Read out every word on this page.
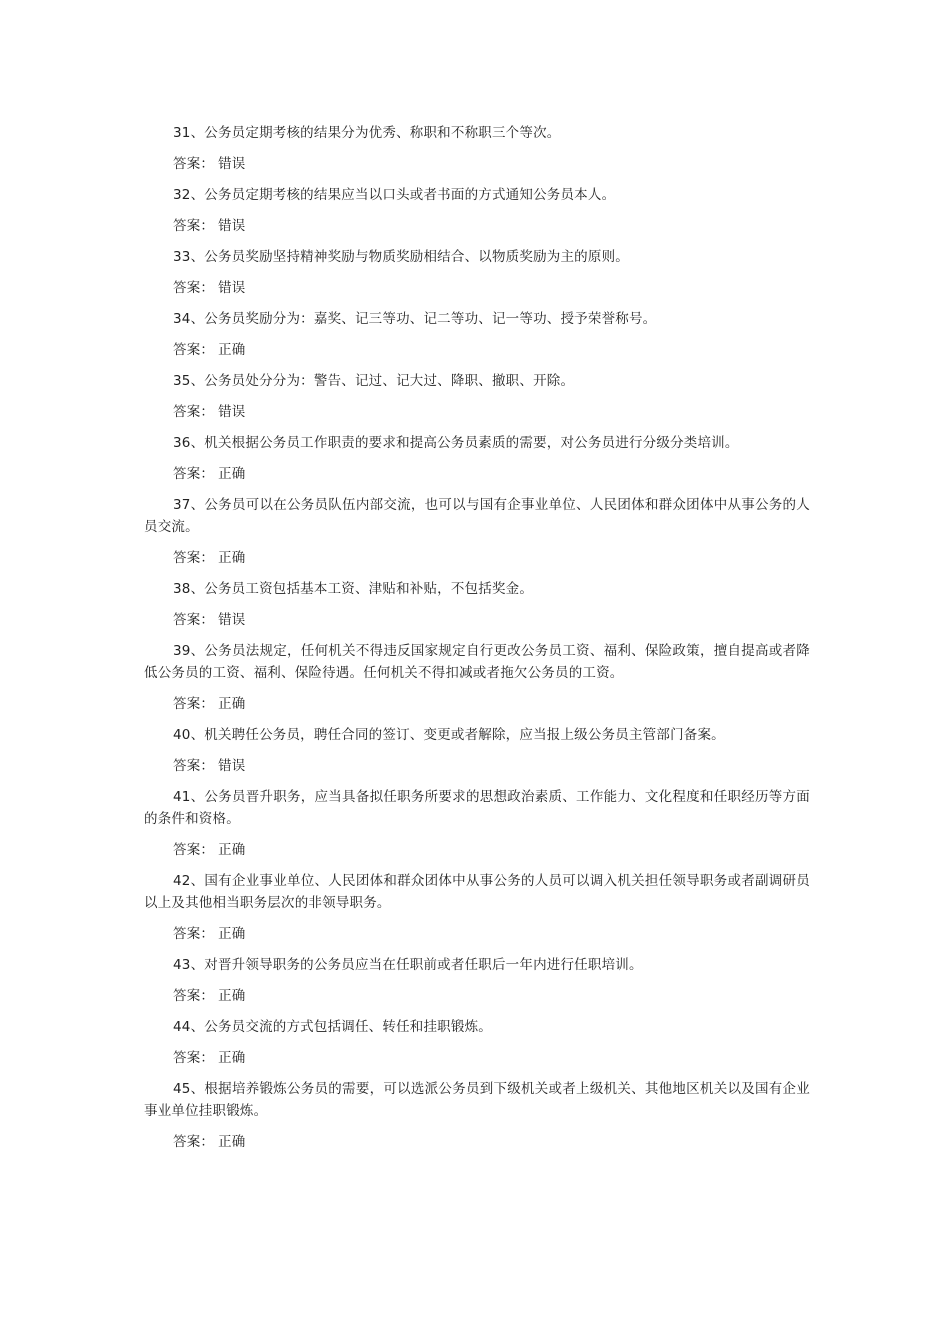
31、公务员定期考核的结果分为优秀、称职和不称职三个等次。

答案： 错误

32、公务员定期考核的结果应当以口头或者书面的方式通知公务员本人。

答案： 错误

33、公务员奖励坚持精神奖励与物质奖励相结合、以物质奖励为主的原则。

答案： 错误

34、公务员奖励分为：嘉奖、记三等功、记二等功、记一等功、授予荣誉称号。

答案： 正确

35、公务员处分分为：警告、记过、记大过、降职、撤职、开除。

答案： 错误

36、机关根据公务员工作职责的要求和提高公务员素质的需要，对公务员进行分级分类培训。

答案： 正确

37、公务员可以在公务员队伍内部交流，也可以与国有企事业单位、人民团体和群众团体中从事公务的人员交流。

答案： 正确

38、公务员工资包括基本工资、津贴和补贴，不包括奖金。

答案： 错误

39、公务员法规定，任何机关不得违反国家规定自行更改公务员工资、福利、保险政策，擅自提高或者降低公务员的工资、福利、保险待遇。任何机关不得扣减或者拖欠公务员的工资。

答案： 正确

40、机关聘任公务员，聘任合同的签订、变更或者解除，应当报上级公务员主管部门备案。

答案： 错误

41、公务员晋升职务，应当具备拟任职务所要求的思想政治素质、工作能力、文化程度和任职经历等方面的条件和资格。

答案： 正确

42、国有企业事业单位、人民团体和群众团体中从事公务的人员可以调入机关担任领导职务或者副调研员以上及其他相当职务层次的非领导职务。

答案： 正确

43、对晋升领导职务的公务员应当在任职前或者任职后一年内进行任职培训。

答案： 正确

44、公务员交流的方式包括调任、转任和挂职锻炼。

答案： 正确

45、根据培养锻炼公务员的需要，可以选派公务员到下级机关或者上级机关、其他地区机关以及国有企业事业单位挂职锻炼。

答案： 正确
